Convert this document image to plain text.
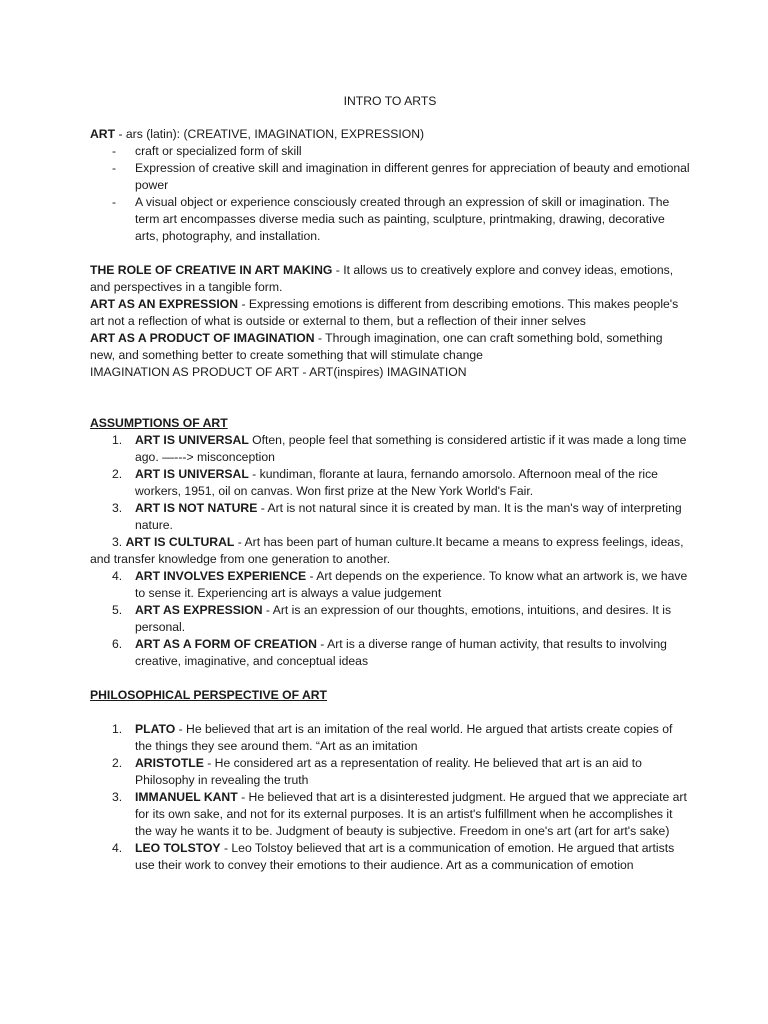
INTRO TO ARTS

ART - ars (latin): (CREATIVE, IMAGINATION, EXPRESSION)

- craft or specialized form of skill
- Expression of creative skill and imagination in different genres for appreciation of beauty and emotional power
- A visual object or experience consciously created through an expression of skill or imagination. The term art encompasses diverse media such as painting, sculpture, printmaking, drawing, decorative arts, photography, and installation.

THE ROLE OF CREATIVE IN ART MAKING - It allows us to creatively explore and convey ideas, emotions, and perspectives in a tangible form.

ART AS AN EXPRESSION - Expressing emotions is different from describing emotions. This makes people's art not a reflection of what is outside or external to them, but a reflection of their inner selves

ART AS A PRODUCT OF IMAGINATION - Through imagination, one can craft something bold, something new, and something better to create something that will stimulate change

IMAGINATION AS PRODUCT OF ART - ART(inspires) IMAGINATION

ASSUMPTIONS OF ART

1. ART IS UNIVERSAL Often, people feel that something is considered artistic if it was made a long time ago. —---> misconception
2. ART IS UNIVERSAL - kundiman, florante at laura, fernando amorsolo. Afternoon meal of the rice workers, 1951, oil on canvas. Won first prize at the New York World's Fair.
3. ART IS NOT NATURE - Art is not natural since it is created by man. It is the man's way of interpreting nature.

3. ART IS CULTURAL - Art has been part of human culture.It became a means to express feelings, ideas, and transfer knowledge from one generation to another.

4. ART INVOLVES EXPERIENCE - Art depends on the experience. To know what an artwork is, we have to sense it. Experiencing art is always a value judgement
5. ART AS EXPRESSION - Art is an expression of our thoughts, emotions, intuitions, and desires. It is personal.
6. ART AS A FORM OF CREATION - Art is a diverse range of human activity, that results to involving creative, imaginative, and conceptual ideas

PHILOSOPHICAL PERSPECTIVE OF ART

1. PLATO - He believed that art is an imitation of the real world. He argued that artists create copies of the things they see around them. “Art as an imitation
2. ARISTOTLE - He considered art as a representation of reality. He believed that art is an aid to Philosophy in revealing the truth
3. IMMANUEL KANT - He believed that art is a disinterested judgment. He argued that we appreciate art for its own sake, and not for its external purposes. It is an artist's fulfillment when he accomplishes it the way he wants it to be. Judgment of beauty is subjective. Freedom in one's art (art for art's sake)
4. LEO TOLSTOY - Leo Tolstoy believed that art is a communication of emotion. He argued that artists use their work to convey their emotions to their audience. Art as a communication of emotion
